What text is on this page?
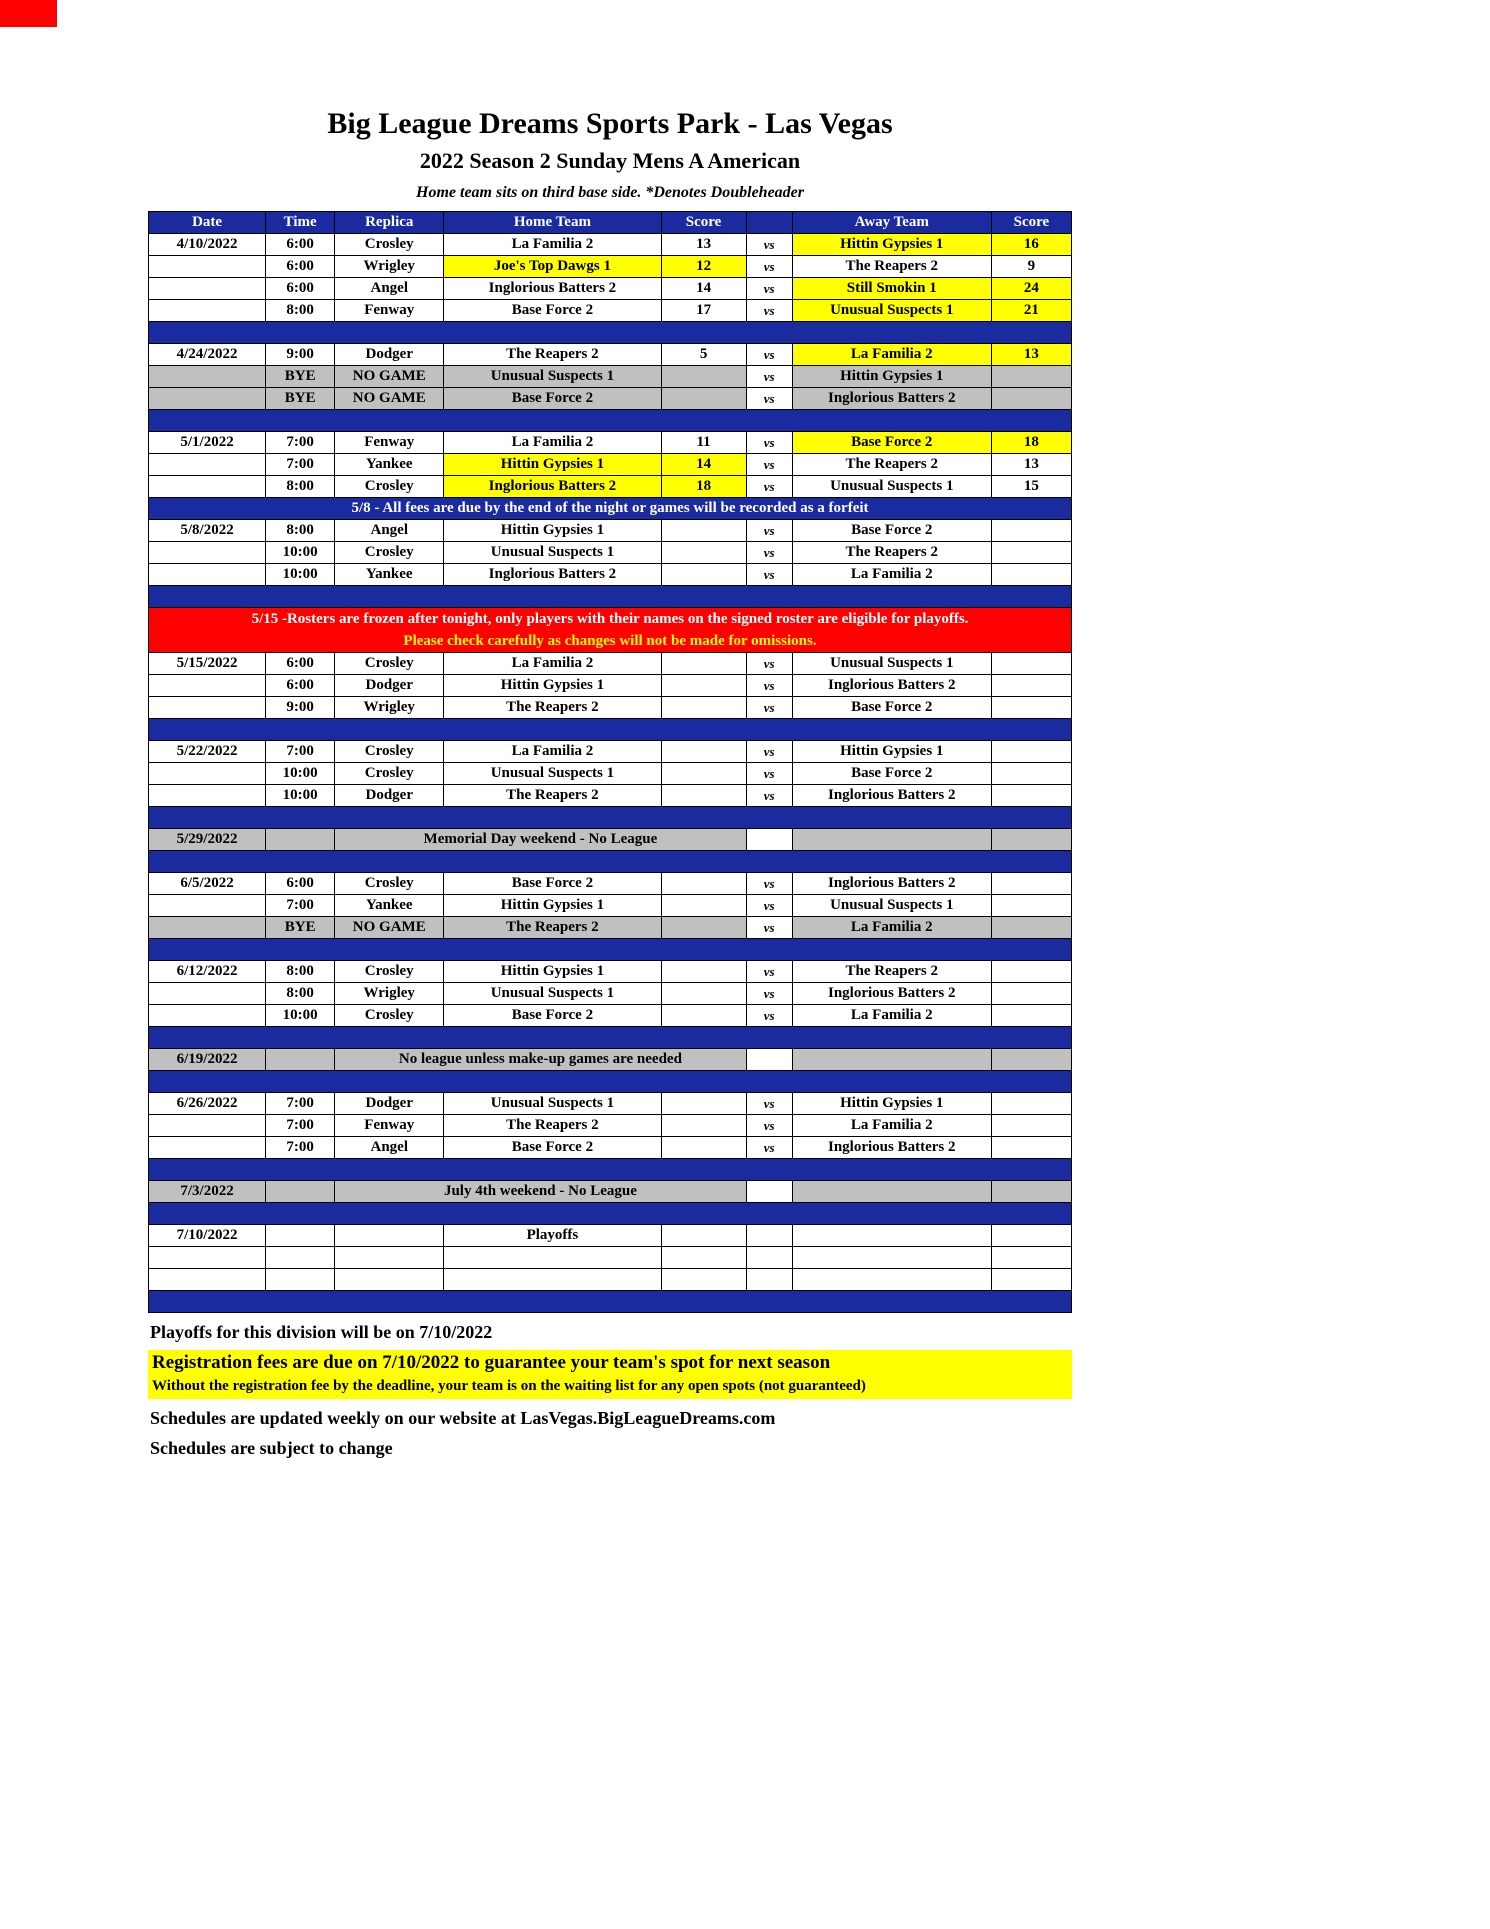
Big League Dreams Sports Park - Las Vegas
2022 Season 2 Sunday Mens A American
Home team sits on third base side. *Denotes Doubleheader
Date	Time	Replica	Home Team	Score		Away Team	Score
4/10/2022	6:00	Crosley	La Familia 2	13	vs	Hittin Gypsies 1	16
	6:00	Wrigley	Joe's Top Dawgs 1	12	vs	The Reapers 2	9
	6:00	Angel	Inglorious Batters 2	14	vs	Still Smokin 1	24
	8:00	Fenway	Base Force 2	17	vs	Unusual Suspects 1	21

4/24/2022	9:00	Dodger	The Reapers 2	5	vs	La Familia 2	13
	BYE	NO GAME	Unusual Suspects 1		vs	Hittin Gypsies 1	
	BYE	NO GAME	Base Force 2		vs	Inglorious Batters 2	

5/1/2022	7:00	Fenway	La Familia 2	11	vs	Base Force 2	18
	7:00	Yankee	Hittin Gypsies 1	14	vs	The Reapers 2	13
	8:00	Crosley	Inglorious Batters 2	18	vs	Unusual Suspects 1	15
5/8 - All fees are due by the end of the night or games will be recorded as a forfeit							
5/8/2022	8:00	Angel	Hittin Gypsies 1		vs	Base Force 2	
	10:00	Crosley	Unusual Suspects 1		vs	The Reapers 2	
	10:00	Yankee	Inglorious Batters 2		vs	La Familia 2	

5/15 -Rosters are frozen after tonight, only players with their names on the signed roster are eligible for playoffs.
Please check carefully as changes will not be made for omissions.							

5/15/2022	6:00	Crosley	La Familia 2		vs	Unusual Suspects 1	
	6:00	Dodger	Hittin Gypsies 1		vs	Inglorious Batters 2	
	9:00	Wrigley	The Reapers 2		vs	Base Force 2	

5/22/2022	7:00	Crosley	La Familia 2		vs	Hittin Gypsies 1	
	10:00	Crosley	Unusual Suspects 1		vs	Base Force 2	
	10:00	Dodger	The Reapers 2		vs	Inglorious Batters 2	

5/29/2022		Memorial Day weekend - No League					

6/5/2022	6:00	Crosley	Base Force 2		vs	Inglorious Batters 2	
	7:00	Yankee	Hittin Gypsies 1		vs	Unusual Suspects 1	
	BYE	NO GAME	The Reapers 2		vs	La Familia 2	

6/12/2022	8:00	Crosley	Hittin Gypsies 1		vs	The Reapers 2	
	8:00	Wrigley	Unusual Suspects 1		vs	Inglorious Batters 2	
	10:00	Crosley	Base Force 2		vs	La Familia 2	

6/19/2022		No league unless make-up games are needed					

6/26/2022	7:00	Dodger	Unusual Suspects 1		vs	Hittin Gypsies 1	
	7:00	Fenway	The Reapers 2		vs	La Familia 2	
	7:00	Angel	Base Force 2		vs	Inglorious Batters 2	

7/3/2022		July 4th weekend - No League					

7/10/2022			Playoffs				

Playoffs for this division will be on 7/10/2022
Registration fees are due on 7/10/2022 to guarantee your team's spot for next season
Without the registration fee by the deadline, your team is on the waiting list for any open spots (not guaranteed)
Schedules are updated weekly on our website at LasVegas.BigLeagueDreams.com
Schedules are subject to change
